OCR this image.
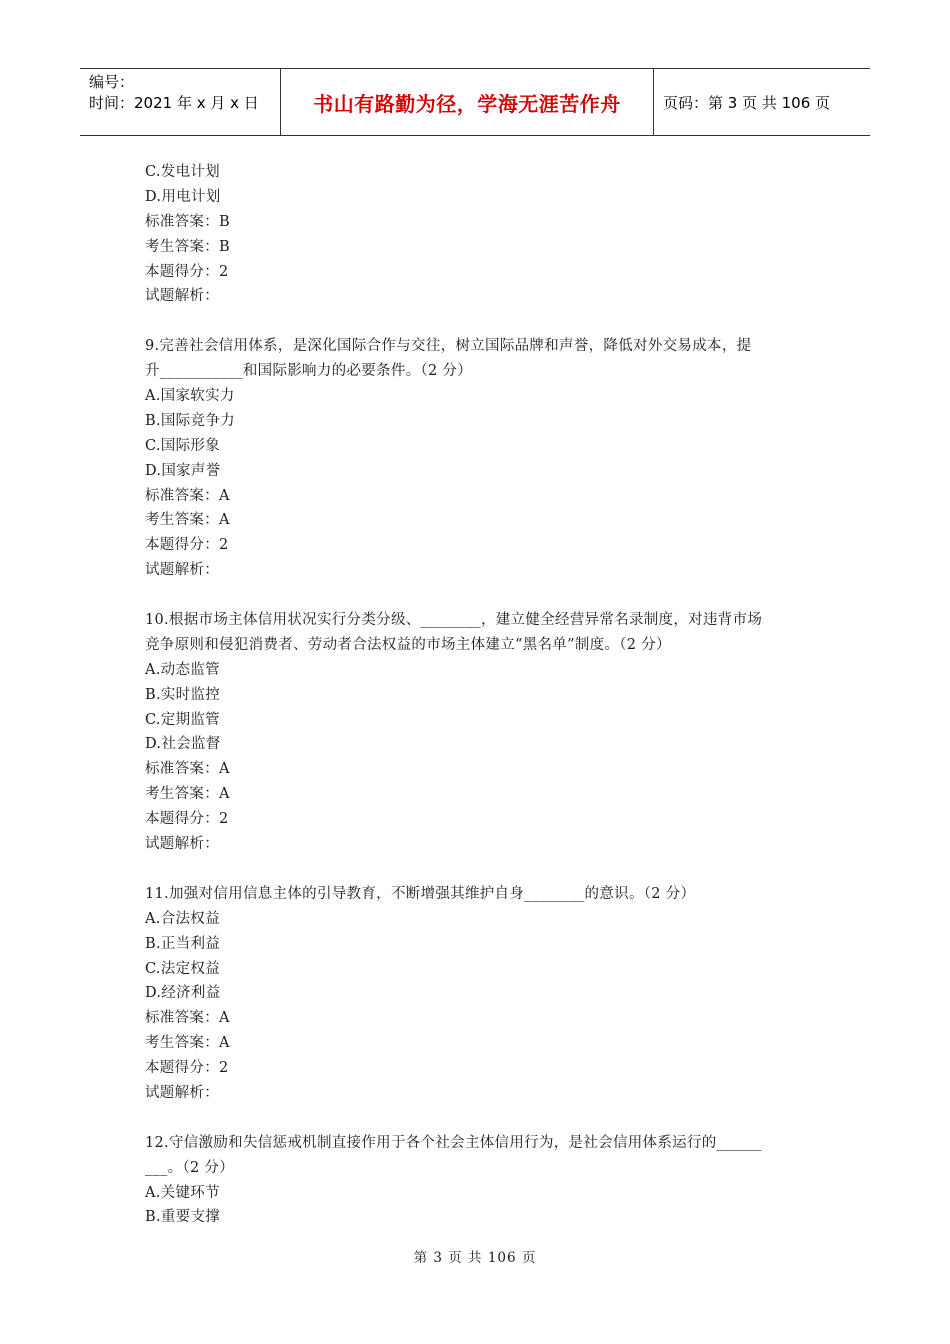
编号：
时间：2021 年 x 月 x 日	书山有路勤为径，学海无涯苦作舟	页码：第 3 页 共 106 页
C.发电计划
D.用电计划
标准答案：B
考生答案：B
本题得分：2
试题解析：
9.完善社会信用体系，是深化国际合作与交往，树立国际品牌和声誉，降低对外交易成本，提
升___________和国际影响力的必要条件。（2 分）
A.国家软实力
B.国际竞争力
C.国际形象
D.国家声誉
标准答案：A
考生答案：A
本题得分：2
试题解析：
10.根据市场主体信用状况实行分类分级、________，建立健全经营异常名录制度，对违背市场
竞争原则和侵犯消费者、劳动者合法权益的市场主体建立“黑名单”制度。（2 分）
A.动态监管
B.实时监控
C.定期监管
D.社会监督
标准答案：A
考生答案：A
本题得分：2
试题解析：
11.加强对信用信息主体的引导教育，不断增强其维护自身________的意识。（2 分）
A.合法权益
B.正当利益
C.法定权益
D.经济利益
标准答案：A
考生答案：A
本题得分：2
试题解析：
12.守信激励和失信惩戒机制直接作用于各个社会主体信用行为，是社会信用体系运行的______
___。（2 分）
A.关键环节
B.重要支撑
第 3 页 共 106 页
